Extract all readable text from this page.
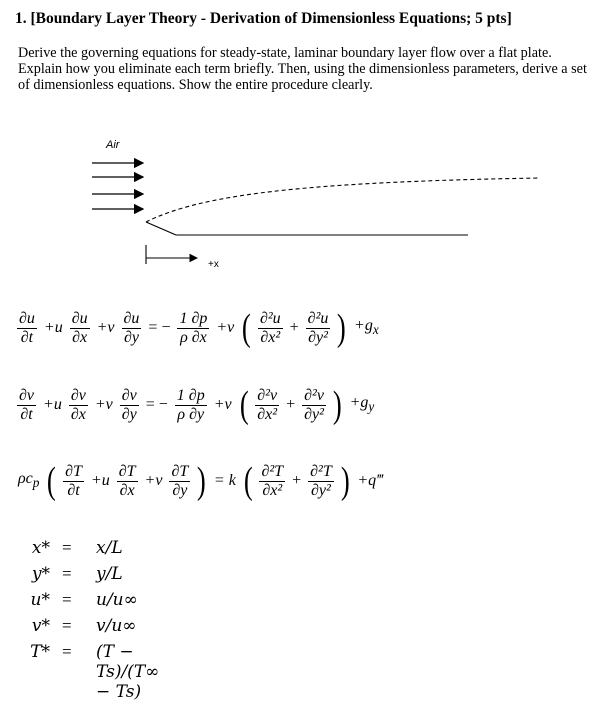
1. [Boundary Layer Theory - Derivation of Dimensionless Equations; 5 pts]
Derive the governing equations for steady-state, laminar boundary layer flow over a flat plate. Explain how you eliminate each term briefly. Then, using the dimensionless parameters, derive a set of dimensionless equations. Show the entire procedure clearly.
Air
+x
$\frac{\partial u}{\partial t} +u \frac{\partial u}{\partial x} +v \frac{\partial u}{\partial y}$ = − $\frac{1 \partial p}{\rho \partial x} +\nu$ ( $\frac{\text{∂²u}}{\text{∂x²}} + \frac{\text{∂²u}}{\text{∂y²}}$ ) $+g_x$
$\frac{\partial v}{\partial t} +u \frac{\partial v}{\partial x} +v \frac{\partial v}{\partial y}$ = − $\frac{1 \partial p}{\rho \partial y} +\nu$ ( $\frac{\text{∂²v}}{\text{∂x²}} + \frac{\text{∂²v}}{\text{∂y²}}$ ) $+g_y$
$\rho c_p$ ( $\frac{\partial T}{\partial t} +u \frac{\partial T}{\partial x} +v \frac{\partial T}{\partial y}$ ) = k ( $\frac{\text{∂²T}}{\text{∂x²}} + \frac{\text{∂²T}}{\text{∂y²}}$ ) +q‴
x* = x/L
y* = y/L
u* = u/u∞
v* = v/u∞
T* = (T − Ts)/(T∞ − Ts)
